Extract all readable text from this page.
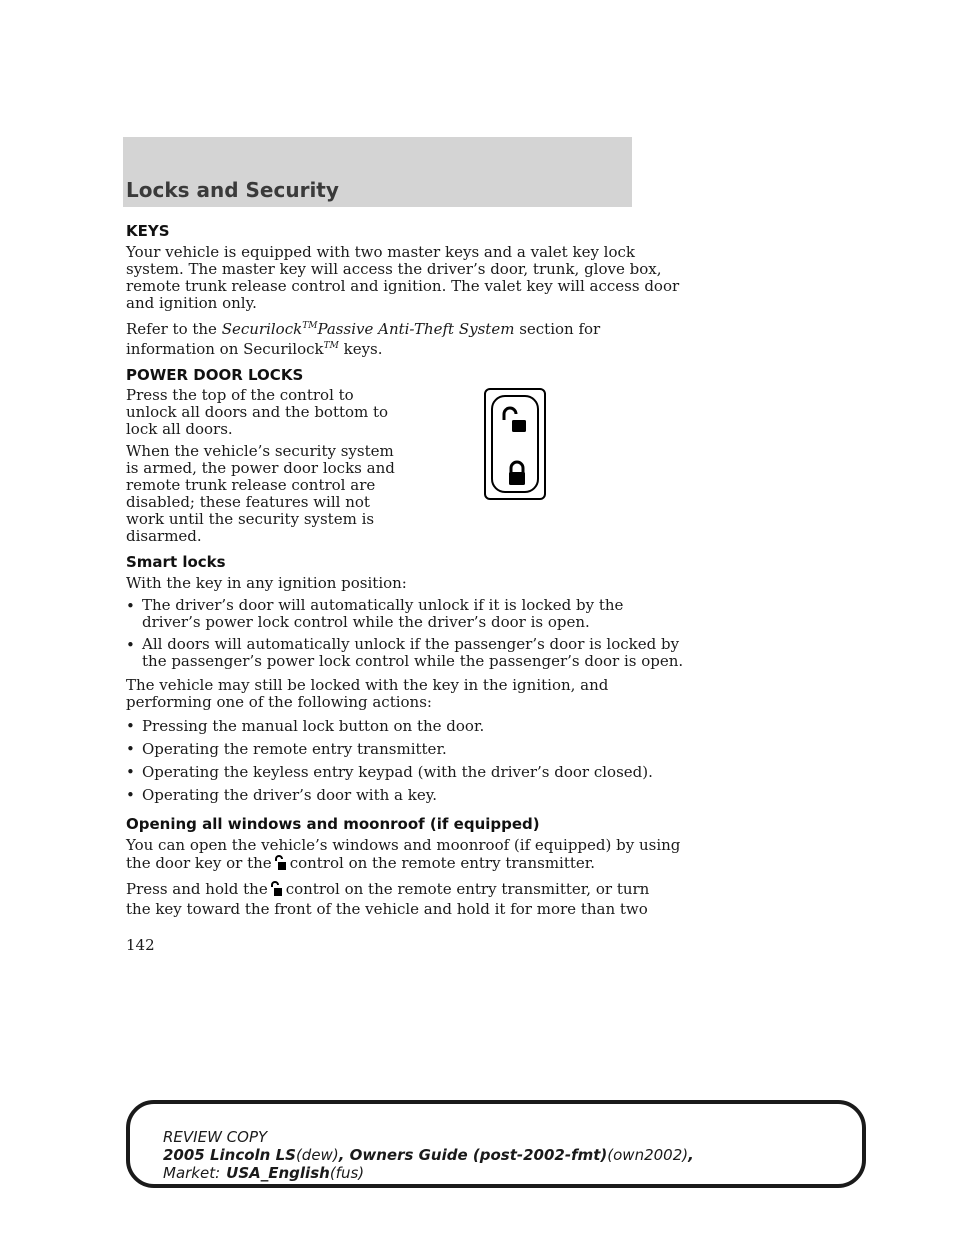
Locks and Security
KEYS
Your vehicle is equipped with two master keys and a valet key lock
system. The master key will access the driver’s door, trunk, glove box,
remote trunk release control and ignition. The valet key will access door
and ignition only.
Refer to the Securilock™Passive Anti-Theft System section for
information on Securilock™ keys.
POWER DOOR LOCKS
Press the top of the control to
unlock all doors and the bottom to
lock all doors.
When the vehicle’s security system
is armed, the power door locks and
remote trunk release control are
disabled; these features will not
work until the security system is
disarmed.
Smart locks
With the key in any ignition position:
• The driver’s door will automatically unlock if it is locked by the
driver’s power lock control while the driver’s door is open.
• All doors will automatically unlock if the passenger’s door is locked by
the passenger’s power lock control while the passenger’s door is open.
The vehicle may still be locked with the key in the ignition, and
performing one of the following actions:
• Pressing the manual lock button on the door.
• Operating the remote entry transmitter.
• Operating the keyless entry keypad (with the driver’s door closed).
• Operating the driver’s door with a key.
Opening all windows and moonroof (if equipped)
You can open the vehicle’s windows and moonroof (if equipped) by using
the door key or the control on the remote entry transmitter.
Press and hold the control on the remote entry transmitter, or turn
the key toward the front of the vehicle and hold it for more than two
142
REVIEW COPY
2005 Lincoln LS(dew), Owners Guide (post-2002-fmt)(own2002),
Market: USA_English(fus)
